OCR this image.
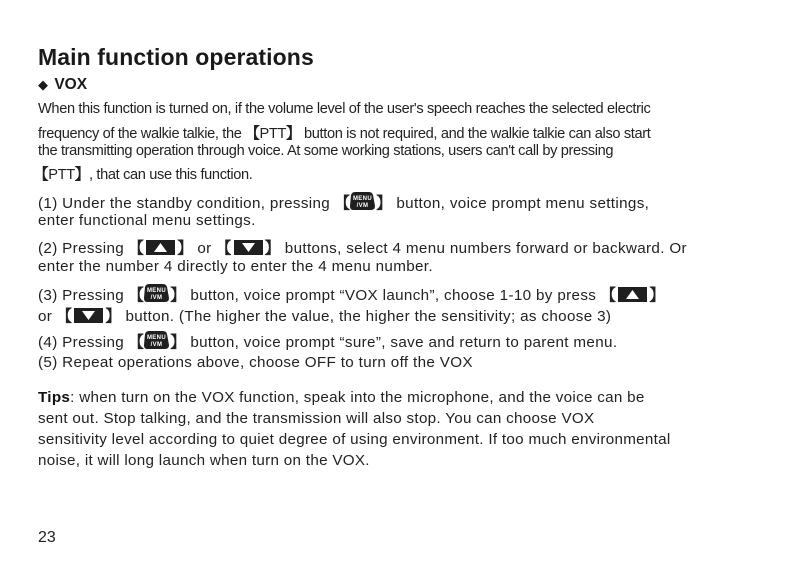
Main function operations
◆ VOX
When this function is turned on, if the volume level of the user's speech reaches the selected electric
frequency of the walkie talkie, the 【PTT】 button is not required, and the walkie talkie can also start
the transmitting operation through voice. At some working stations, users can't call by pressing
【PTT】, that can use this function.
(1) Under the standby condition, pressing 【 MENU
/VM 】 button, voice prompt menu settings,
enter functional menu settings.
(2) Pressing 【 】 or 【 】 buttons, select 4 menu numbers forward or backward. Or
enter the number 4 directly to enter the 4 menu number.
(3) Pressing 【 MENU
/VM 】 button, voice prompt “VOX launch”, choose 1-10 by press 【 】
or 【 】 button. (The higher the value, the higher the sensitivity; as choose 3)
(4) Pressing 【 MENU
/VM 】 button, voice prompt “sure”, save and return to parent menu.
(5) Repeat operations above, choose OFF to turn off the VOX
Tips: when turn on the VOX function, speak into the microphone, and the voice can be
sent out. Stop talking, and the transmission will also stop. You can choose VOX
sensitivity level according to quiet degree of using environment. If too much environmental
noise, it will long launch when turn on the VOX.
23
